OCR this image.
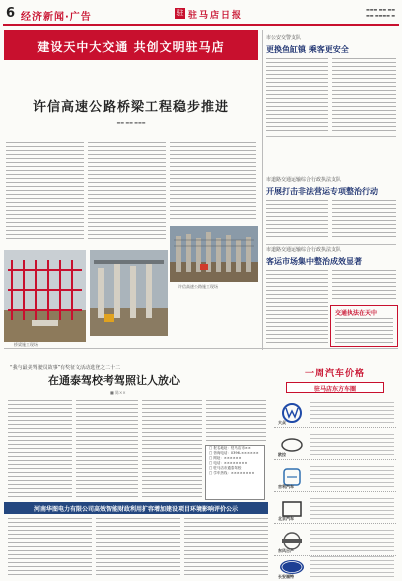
6 经济新闻·广告	驻 驻马店日报
▬▬▬ ▬▬ ▬▬
▬▬ ▬▬▬▬ ▬
建设天中大交通 共创文明驻马店
许信高速公路桥梁工程稳步推进
▬▬ ▬▬ ▬▬▬
许信高速公路施工现场
桥梁施工现场
市公安交警支队
更换鱼缸镇 乘客更安全
市道路交通运输综合行政执法支队
开展打击非法营运专项整治行动
市道路交通运输综合行政执法支队
客运市场集中整治成效显著
交通执法在天中
“我与最美驾驶员故事”有奖征文活动选登之二十二
在通泰驾校考驾照让人放心
■ 陈××
□ 报名地址：驻马店市××
□ 咨询电话：0396-××××××
□ 网址：××××××
□ 电话：××××××××
□ 驻马店市通泰驾校
□ 学车热线：××××××××
河南华图电力有限公司高效智能财政利用扩容增加建设项目环境影响评价公示
一周汽车价格
驻马店东方车圈
大众
欧拉
吉利汽车
北京汽车
东风日产
长安福特
